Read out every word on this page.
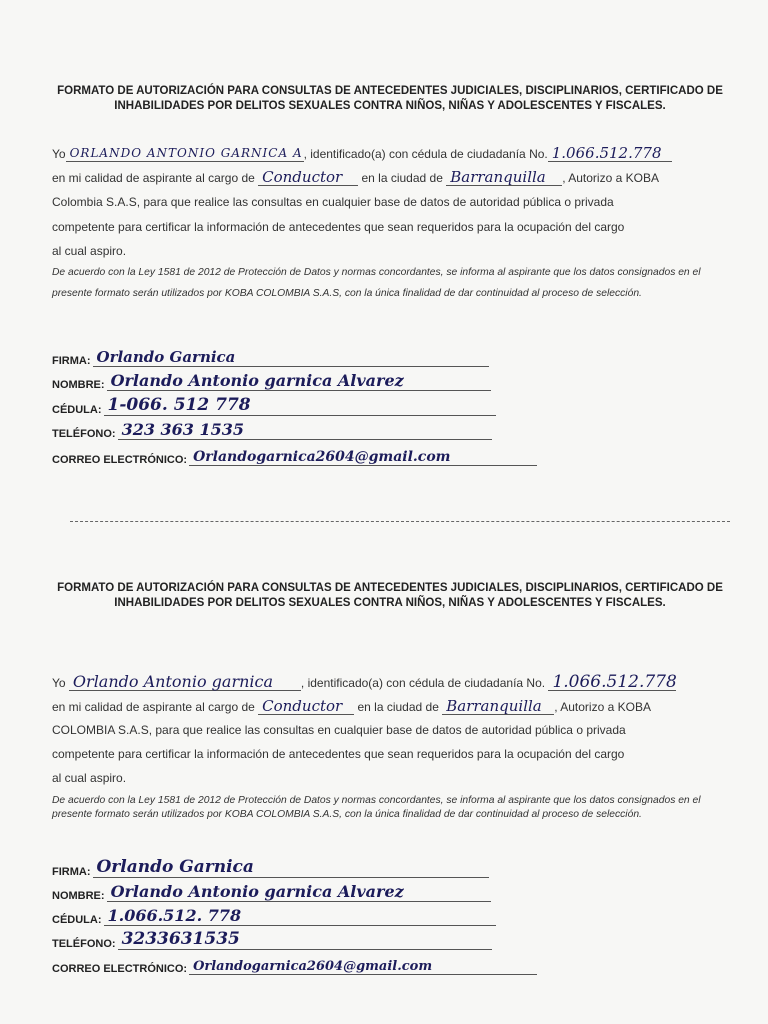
FORMATO DE AUTORIZACIÓN PARA CONSULTAS DE ANTECEDENTES JUDICIALES, DISCIPLINARIOS, CERTIFICADO DE
INHABILIDADES POR DELITOS SEXUALES CONTRA NIÑOS, NIÑAS Y ADOLESCENTES Y FISCALES.
Yo ORLANDO ANTONIO GARNICA A , identificado(a) con cédula de ciudadanía No. 1.066.512.778
en mi calidad de aspirante al cargo de Conductor en la ciudad de Barranquilla , Autorizo a KOBA
Colombia S.A.S, para que realice las consultas en cualquier base de datos de autoridad pública o privada
competente para certificar la información de antecedentes que sean requeridos para la ocupación del cargo
al cual aspiro.
De acuerdo con la Ley 1581 de 2012 de Protección de Datos y normas concordantes, se informa al aspirante que los datos consignados en el presente formato serán utilizados por KOBA COLOMBIA S.A.S, con la única finalidad de dar continuidad al proceso de selección.
FIRMA: Orlando Garnica
NOMBRE: Orlando Antonio garnica Alvarez
CÉDULA: 1-066. 512 778
TELÉFONO: 323 363 1535
CORREO ELECTRÓNICO: Orlandogarnica2604@gmail.com
FORMATO DE AUTORIZACIÓN PARA CONSULTAS DE ANTECEDENTES JUDICIALES, DISCIPLINARIOS, CERTIFICADO DE
INHABILIDADES POR DELITOS SEXUALES CONTRA NIÑOS, NIÑAS Y ADOLESCENTES Y FISCALES.
Yo Orlando Antonio garnica , identificado(a) con cédula de ciudadanía No. 1.066.512.778
en mi calidad de aspirante al cargo de Conductor en la ciudad de Barranquilla , Autorizo a KOBA
COLOMBIA S.A.S, para que realice las consultas en cualquier base de datos de autoridad pública o privada
competente para certificar la información de antecedentes que sean requeridos para la ocupación del cargo
al cual aspiro.
De acuerdo con la Ley 1581 de 2012 de Protección de Datos y normas concordantes, se informa al aspirante que los datos consignados en el presente formato serán utilizados por KOBA COLOMBIA S.A.S, con la única finalidad de dar continuidad al proceso de selección.
FIRMA: Orlando Garnica
NOMBRE: Orlando Antonio garnica Alvarez
CÉDULA: 1.066.512. 778
TELÉFONO: 3233631535
CORREO ELECTRÓNICO: Orlandogarnica2604@gmail.com
